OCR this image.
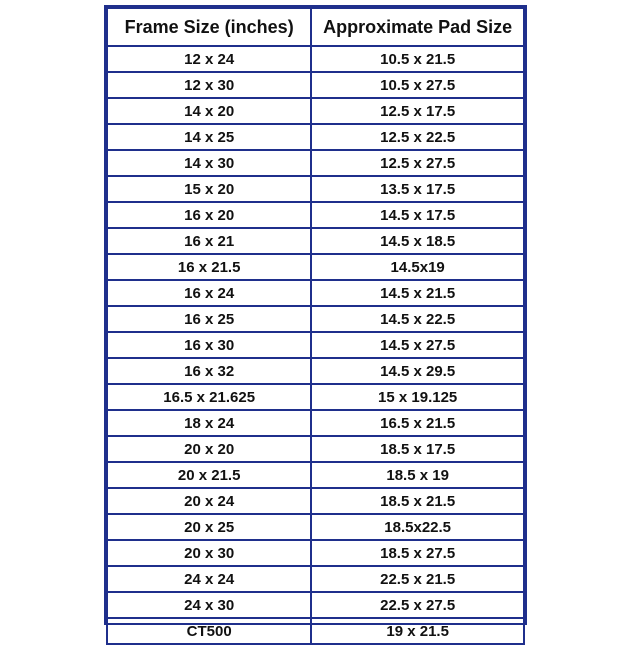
Frame Size (inches)	Approximate Pad Size
12 x 24	10.5 x 21.5
12 x 30	10.5 x 27.5
14 x 20	12.5 x 17.5
14 x 25	12.5 x 22.5
14 x 30	12.5 x 27.5
15 x 20	13.5 x 17.5
16 x 20	14.5 x 17.5
16 x 21	14.5 x 18.5
16 x 21.5	14.5x19
16 x 24	14.5 x 21.5
16 x 25	14.5 x 22.5
16 x 30	14.5 x 27.5
16 x 32	14.5 x 29.5
16.5 x 21.625	15 x 19.125
18 x 24	16.5 x 21.5
20 x 20	18.5 x 17.5
20 x 21.5	18.5 x 19
20 x 24	18.5 x 21.5
20 x 25	18.5x22.5
20 x 30	18.5 x 27.5
24 x 24	22.5 x 21.5
24 x 30	22.5 x 27.5
CT500	19 x 21.5
